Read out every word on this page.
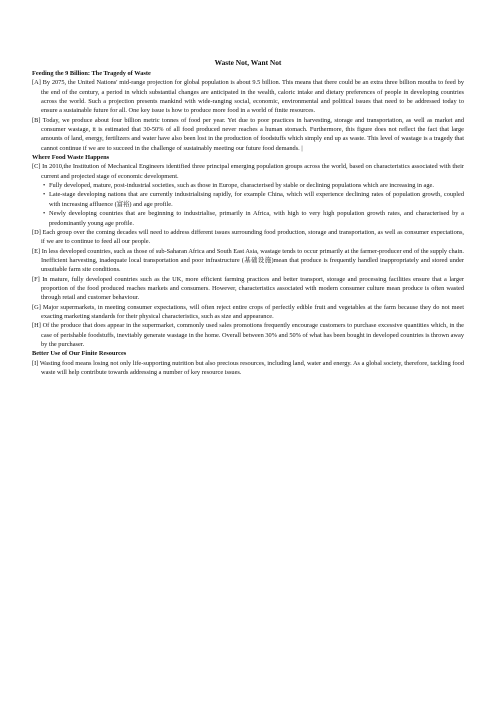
Waste Not, Want Not
Feeding the 9 Billion: The Tragedy of Waste
[A] By 2075, the United Nations' mid-range projection for global population is about 9.5 billion. This means that there could be an extra three billion mouths to feed by the end of the century, a period in which substantial changes are anticipated in the wealth, caloric intake and dietary preferences of people in developing countries across the world. Such a projection presents mankind with wide-ranging social, economic, environmental and political issues that need to be addressed today to ensure a sustainable future for all. One key issue is how to produce more food in a world of finite resources.
[B] Today, we produce about four billion metric tonnes of food per year. Yet due to poor practices in harvesting, storage and transportation, as well as market and consumer wastage, it is estimated that 30-50% of all food produced never reaches a human stomach. Furthermore, this figure does not reflect the fact that large amounts of land, energy, fertilizers and water have also been lost in the production of foodstuffs which simply end up as waste. This level of wastage is a tragedy that cannot continue if we are to succeed in the challenge of sustainably meeting our future food demands. |
Where Food Waste Happens
[C] In 2010,the Institution of Mechanical Engineers identified three principal emerging population groups across the world, based on characteristics associated with their current and projected stage of economic development.
• Fully developed, mature, post-industrial societies, such as those in Europe, characterised by stable or declining populations which are increasing in age.
• Late-stage developing nations that are currently industrialising rapidly, for example China, which will experience declining rates of population growth, coupled with increasing affluence (富裕) and age profile.
• Newly developing countries that are beginning to industrialise, primarily in Africa, with high to very high population growth rates, and characterised by a predominantly young age profile.
[D] Each group over the coming decades will need to address different issues surrounding food production, storage and transportation, as well as consumer expectations, if we are to continue to feed all our people.
[E] In less developed countries, such as those of sub-Saharan Africa and South East Asia, wastage tends to occur primarily at the farmer-producer end of the supply chain. Inefficient harvesting, inadequate local transportation and poor infrastructure (基础设施)mean that produce is frequently handled inappropriately and stored under unsuitable farm site conditions.
[F] In mature, fully developed countries such as the UK, more efficient farming practices and better transport, storage and processing facilities ensure that a larger proportion of the food produced reaches markets and consumers. However, characteristics associated with modern consumer culture mean produce is often wasted through retail and customer behaviour.
[G] Major supermarkets, in meeting consumer expectations, will often reject entire crops of perfectly edible fruit and vegetables at the farm because they do not meet exacting marketing standards for their physical characteristics, such as size and appearance.
[H] Of the produce that does appear in the supermarket, commonly used sales promotions frequently encourage customers to purchase excessive quantities which, in the case of perishable foodstuffs, inevitably generate wastage in the home. Overall between 30% and 50% of what has been bought in developed countries is thrown away by the purchaser.
Better Use of Our Finite Resources
[I] Wasting food means losing not only life-supporting nutrition but also precious resources, including land, water and energy. As a global society, therefore, tackling food waste will help contribute towards addressing a number of key resource issues.
